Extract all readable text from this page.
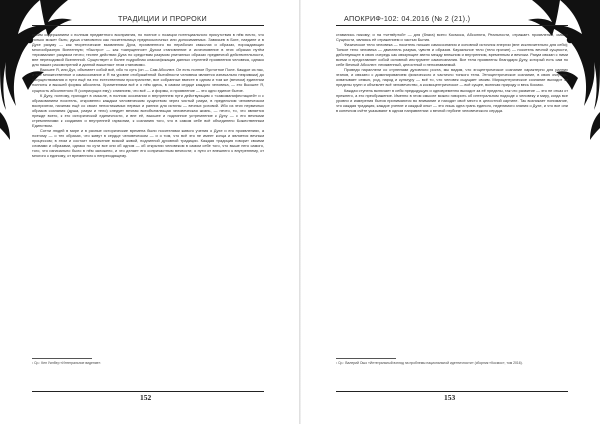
ТРАДИЦИИ И ПРОРОКИ

скойм содержанием с полным предметного восприятия, но полное с позиции потенциального присутствия в нём ничто, что только может быть; душа становится как носительница предпосылочных или доносимиемых. Завязьев в Боге, наедине и в Духе разуму — как теоретические выявления Духа, проявленного во нерабочих смыслах и образах, порождающих многообразную Вселенную; «быстро» — как «запущенное» Духом становление и исчезновение в этих образах путём «призвания» разумом нечто; теснее действии Духа по средствам разумом упитанных образах предвечной действительности, вне переходимой Вселенной. Существует и более подробная классификация данных ступеней проявления человека, однако для наших рассмотрений и данной вышенаст этом становимо.

Высшее Я, или Дух, объемлет собой всё, ибо то суть (он — Сам Абсолют. Он есть полное Пустотное Поле. Каждое из нас, и все множественное и самосознание и Я на уровне отображённой бытийности человека является изначально незримым) до сосуществования и пути ещё на его естественном пространстве, все собранные вместе в одном и том же (вечном) единении полноты и высшей формы абсолюта. Хранителями всё и о нём здесь, в самом сердце каждого человека, — это Высшее Я, сущность абсолютного Я (соприсущих ему): слиянием, что всё — и формы, и проявление — это одно единое бытие.

К Духу, поэтому, приходит в смысле, в полном осознании и внутреннем пути действующим с «самоманифестацией» и с образованием носитель, откровенно каждым человеческим существом через чистый разум, в предельном человеческом восприятии, начиная ещё со своих непостижимых первых и ранних для истины — вечных условий. Ибо из этих первичных образов сознания (душа, разум и тело) следует вечная всеобъемлющая человеческая жизнь, — нечто, то, что является прежде всего, к его исторической единичности, и вне её, высшее и подлинное устремление к Духу — с его вечными стремлениями к созданию и внутренней гармонии, к сознанию того, что в самом себе всё объединено Божественным Единством.

Сотни людей в мире и в разные исторические времена были носителями живого учения о Духе и его проявлениях, а поэтому — о тех образах, что живут в сердце человеческом — и о том, что всё это не имеет конца и является вечным процессом; в этом и состоит назначение всякой живой, подлинной духовной традиции. Каждая традиция говорит своими словами и образами, однако по сути все они об одном — об открытии человеком в самом себе того, что выше него самого, того, что изначально было в нём заложено, и что делает его сопричастным вечности; о пути от внешнего к внутреннему, от многого к единому, от временного к непреходящему.

¹ Ср.: Кен Уилбер «Интегральное видение».
152
АПОКРИФ-102: 04.2016 (№ 2 (21).)

ставились никому; и на «четвёртой» — для (блага) всего Космоса, Абсолюта, Реальности, отражает. проявление, смысл Сущности, являясь её отражением и частью Бытия.

Физическое тело человека — носитель низших самосознания и основной источник энергии (вне исключительно для себя); Тонкое тело человека — двигатель разума, чувств и образов. Каузальное тело (тело причин) — носитель вечной сущности, действующее в свою очередь как связующее звено между внешним и внутренним, временным и вечным. Разум связан с ними всеми и представляет собой основной инструмент самопознания. Все тела проявлены благодаря Духу, который есть сам по себе Вечный Абсолют: неизменный, целостный и непознаваемый.

Проведя параллели со ступенями духовного роста, мы видим, что эгоцентрическое сознание характерно для ранних этапов, и связано с доминированием физического и частично тонкого тела. Этноцентрическое сознание, в свою очередь, охватывает семью, род, народ и культуру — всё то, что человек ощущает своим. Мироцентрическое сознание выходит за пределы групп и объемлет всё человечество, а космоцентрическое — всё сущее, включая природу и весь Космос.

Каждая ступень включает в себя предыдущую и одновременно выходит за её пределы, так что развитие — это не отказ от прежнего, а его преображение. Именно в этом смысле можно говорить об интегральном подходе к человеку и миру, когда все уровни и измерения бытия принимаются во внимание и находят своё место в целостной картине. Так возникает понимание, что каждая традиция, каждое учение и каждый опыт — это лишь одна грань единого, неделимого знания о Духе, и что все они в конечном счёте указывают в одном направлении: к вечной глубине человеческого сердца.

¹ Ср.: Валерий Ошо «Интегральный взгляд на проблемы национальной идентичности» (сборник «Космос», том 2016).
153
